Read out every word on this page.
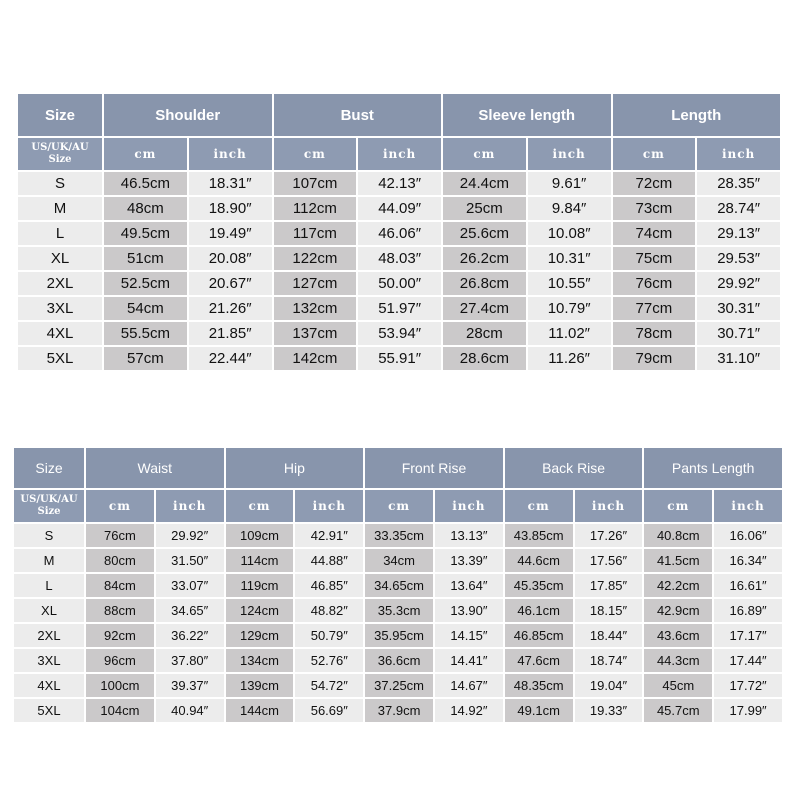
Size	Shoulder		Bust		Sleeve length		Length	

US/UK/AU
Size	cm	inch	cm	inch	cm	inch	cm	inch
S	46.5cm	18.31″	107cm	42.13″	24.4cm	9.61″	72cm	28.35″
M	48cm	18.90″	112cm	44.09″	25cm	9.84″	73cm	28.74″
L	49.5cm	19.49″	117cm	46.06″	25.6cm	10.08″	74cm	29.13″
XL	51cm	20.08″	122cm	48.03″	26.2cm	10.31″	75cm	29.53″
2XL	52.5cm	20.67″	127cm	50.00″	26.8cm	10.55″	76cm	29.92″
3XL	54cm	21.26″	132cm	51.97″	27.4cm	10.79″	77cm	30.31″
4XL	55.5cm	21.85″	137cm	53.94″	28cm	11.02″	78cm	30.71″
5XL	57cm	22.44″	142cm	55.91″	28.6cm	11.26″	79cm	31.10″
Size	Waist		Hip		Front Rise		Back Rise		Pants Length	

US/UK/AU
Size	cm	inch	cm	inch	cm	inch	cm	inch	cm	inch
S	76cm	29.92″	109cm	42.91″	33.35cm	13.13″	43.85cm	17.26″	40.8cm	16.06″
M	80cm	31.50″	114cm	44.88″	34cm	13.39″	44.6cm	17.56″	41.5cm	16.34″
L	84cm	33.07″	119cm	46.85″	34.65cm	13.64″	45.35cm	17.85″	42.2cm	16.61″
XL	88cm	34.65″	124cm	48.82″	35.3cm	13.90″	46.1cm	18.15″	42.9cm	16.89″
2XL	92cm	36.22″	129cm	50.79″	35.95cm	14.15″	46.85cm	18.44″	43.6cm	17.17″
3XL	96cm	37.80″	134cm	52.76″	36.6cm	14.41″	47.6cm	18.74″	44.3cm	17.44″
4XL	100cm	39.37″	139cm	54.72″	37.25cm	14.67″	48.35cm	19.04″	45cm	17.72″
5XL	104cm	40.94″	144cm	56.69″	37.9cm	14.92″	49.1cm	19.33″	45.7cm	17.99″
